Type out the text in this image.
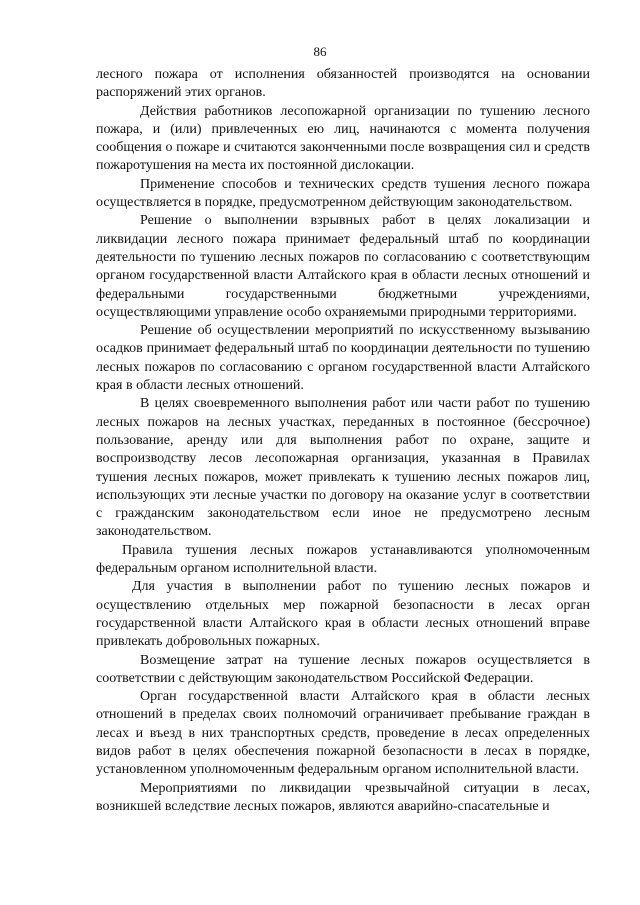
86

лесного пожара от исполнения обязанностей производятся на основании распоряжений этих органов.

Действия работников лесопожарной организации по тушению лесного пожара, и (или) привлеченных ею лиц, начинаются с момента получения сообщения о пожаре и считаются законченными после возвращения сил и средств пожаротушения на места их постоянной дислокации.

Применение способов и технических средств тушения лесного пожара осуществляется в порядке, предусмотренном действующим законодательством.

Решение о выполнении взрывных работ в целях локализации и ликвидации лесного пожара принимает федеральный штаб по координации деятельности по тушению лесных пожаров по согласованию с соответствующим органом государственной власти Алтайского края в области лесных отношений и федеральными государственными бюджетными учреждениями, осуществляющими управление особо охраняемыми природными территориями.

Решение об осуществлении мероприятий по искусственному вызыванию осадков принимает федеральный штаб по координации деятельности по тушению лесных пожаров по согласованию с органом государственной власти Алтайского края в области лесных отношений.

В целях своевременного выполнения работ или части работ по тушению лесных пожаров на лесных участках, переданных в постоянное (бессрочное) пользование, аренду или для выполнения работ по охране, защите и воспроизводству лесов лесопожарная организация, указанная в Правилах тушения лесных пожаров, может привлекать к тушению лесных пожаров лиц, использующих эти лесные участки по договору на оказание услуг в соответствии с гражданским законодательством если иное не предусмотрено лесным законодательством.

Правила тушения лесных пожаров устанавливаются уполномоченным федеральным органом исполнительной власти.

Для участия в выполнении работ по тушению лесных пожаров и осуществлению отдельных мер пожарной безопасности в лесах орган государственной власти Алтайского края в области лесных отношений вправе привлекать добровольных пожарных.

Возмещение затрат на тушение лесных пожаров осуществляется в соответствии с действующим законодательством Российской Федерации.

Орган государственной власти Алтайского края в области лесных отношений в пределах своих полномочий ограничивает пребывание граждан в лесах и въезд в них транспортных средств, проведение в лесах определенных видов работ в целях обеспечения пожарной безопасности в лесах в порядке, установленном уполномоченным федеральным органом исполнительной власти.

Мероприятиями по ликвидации чрезвычайной ситуации в лесах, возникшей вследствие лесных пожаров, являются аварийно-спасательные и
